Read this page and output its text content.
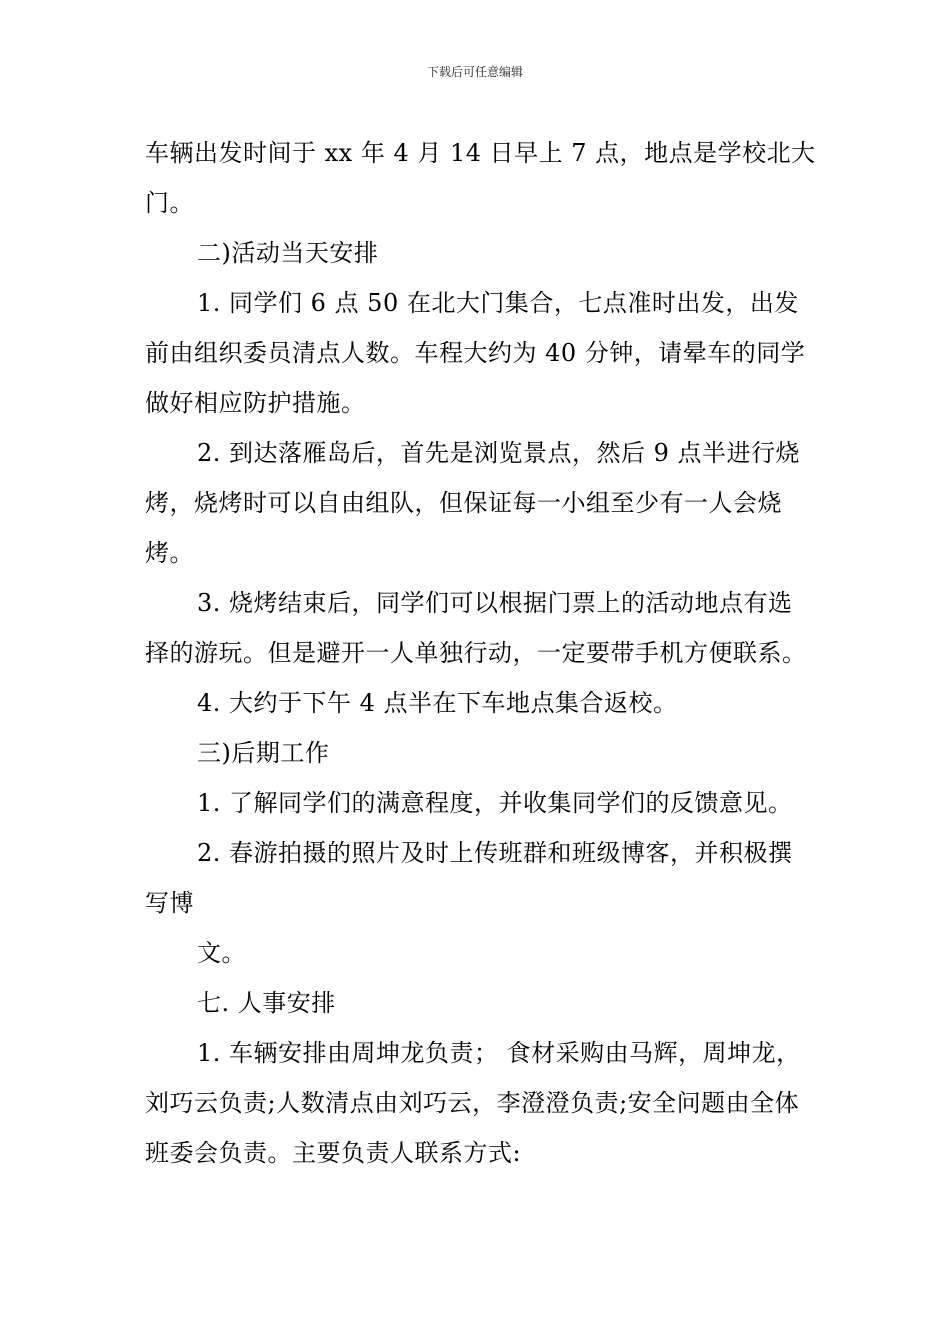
下载后可任意编辑

车辆出发时间于 xx 年 4 月 14 日早上 7 点，地点是学校北大门。

二)活动当天安排

1. 同学们 6 点 50 在北大门集合，七点准时出发，出发前由组织委员清点人数。车程大约为 40 分钟，请晕车的同学做好相应防护措施。

2. 到达落雁岛后，首先是浏览景点，然后 9 点半进行烧烤，烧烤时可以自由组队，但保证每一小组至少有一人会烧烤。

3. 烧烤结束后，同学们可以根据门票上的活动地点有选择的游玩。但是避开一人单独行动，一定要带手机方便联系。

4. 大约于下午 4 点半在下车地点集合返校。

三)后期工作

1. 了解同学们的满意程度，并收集同学们的反馈意见。

2. 春游拍摄的照片及时上传班群和班级博客，并积极撰写博

文。

七. 人事安排

1. 车辆安排由周坤龙负责； 食材采购由马辉，周坤龙，刘巧云负责;人数清点由刘巧云，李澄澄负责;安全问题由全体班委会负责。主要负责人联系方式:
